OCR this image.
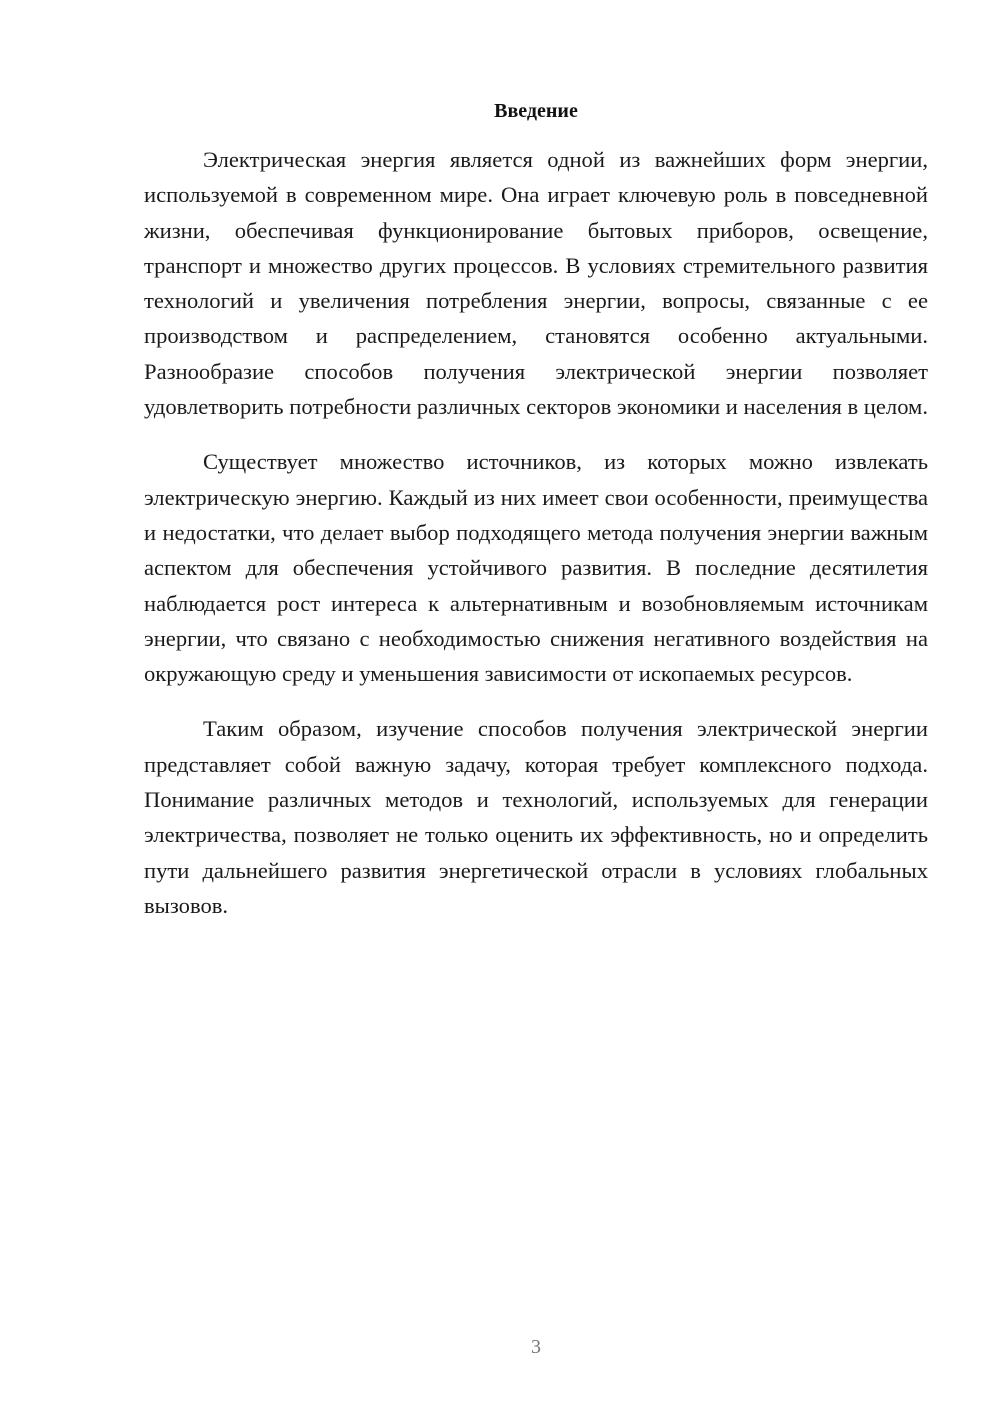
Введение

Электрическая энергия является одной из важнейших форм энергии, используемой в современном мире. Она играет ключевую роль в повседневной жизни, обеспечивая функционирование бытовых приборов, освещение, транспорт и множество других процессов. В условиях стремительного развития технологий и увеличения потребления энергии, вопросы, связанные с ее производством и распределением, становятся особенно актуальными. Разнообразие способов получения электрической энергии позволяет удовлетворить потребности различных секторов экономики и населения в целом.

Существует множество источников, из которых можно извлекать электрическую энергию. Каждый из них имеет свои особенности, преимущества и недостатки, что делает выбор подходящего метода получения энергии важным аспектом для обеспечения устойчивого развития. В последние десятилетия наблюдается рост интереса к альтернативным и возобновляемым источникам энергии, что связано с необходимостью снижения негативного воздействия на окружающую среду и уменьшения зависимости от ископаемых ресурсов.

Таким образом, изучение способов получения электрической энергии представляет собой важную задачу, которая требует комплексного подхода. Понимание различных методов и технологий, используемых для генерации электричества, позволяет не только оценить их эффективность, но и определить пути дальнейшего развития энергетической отрасли в условиях глобальных вызовов.

3
